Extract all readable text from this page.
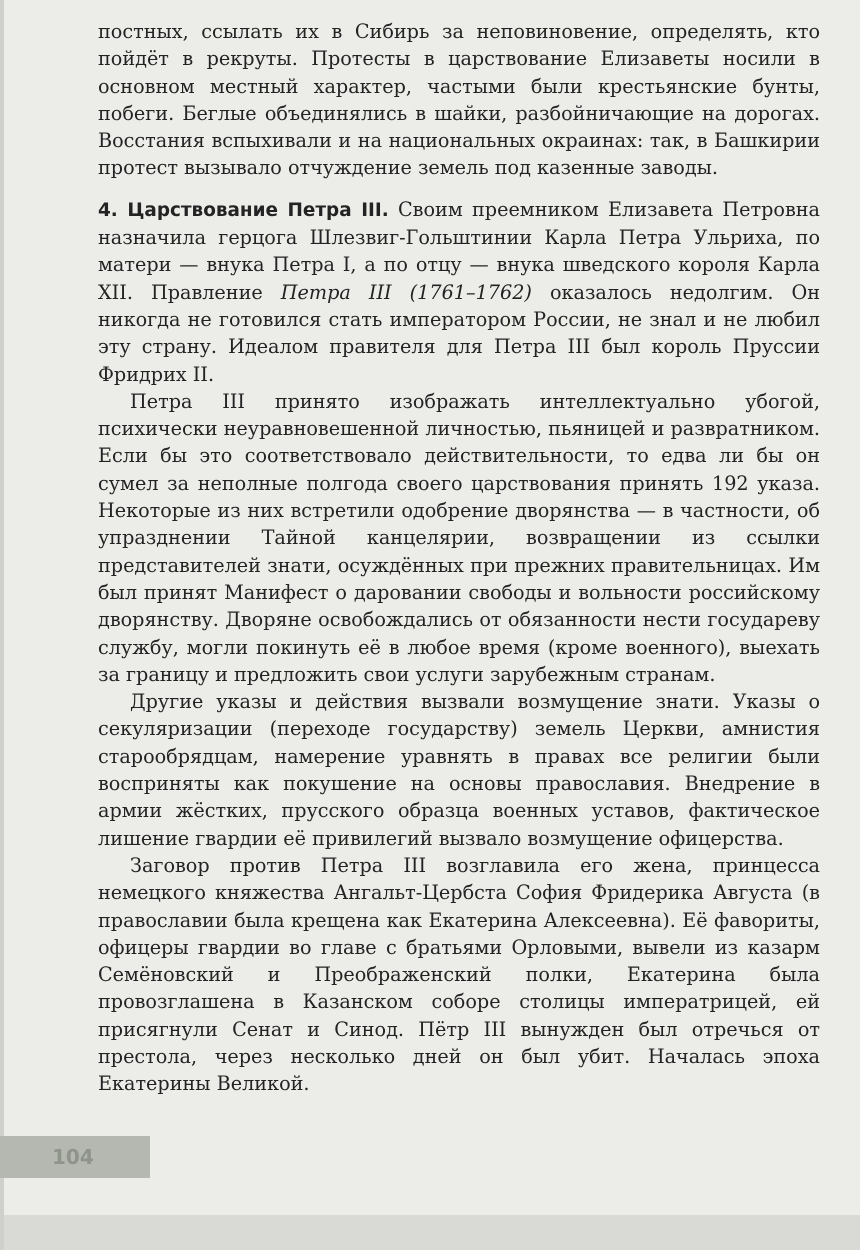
постных, ссылать их в Сибирь за неповиновение, определять, кто пойдёт в рекруты. Протесты в царствование Елизаветы носили в основном местный характер, частыми были крестьянские бунты, побеги. Беглые объединялись в шайки, разбойничающие на дорогах. Восстания вспыхивали и на национальных окраинах: так, в Башкирии протест вызывало отчуждение земель под казенные заводы.

4. Царствование Петра III. Своим преемником Елизавета Петровна назначила герцога Шлезвиг-Гольштинии Карла Петра Ульриха, по матери — внука Петра I, а по отцу — внука шведского короля Карла XII. Правление Петра III (1761–1762) оказалось недолгим. Он никогда не готовился стать императором России, не знал и не любил эту страну. Идеалом правителя для Петра III был король Пруссии Фридрих II.

Петра III принято изображать интеллектуально убогой, психически неуравновешенной личностью, пьяницей и развратником. Если бы это соответствовало действительности, то едва ли бы он сумел за неполные полгода своего царствования принять 192 указа. Некоторые из них встретили одобрение дворянства — в частности, об упразднении Тайной канцелярии, возвращении из ссылки представителей знати, осуждённых при прежних правительницах. Им был принят Манифест о даровании свободы и вольности российскому дворянству. Дворяне освобождались от обязанности нести государеву службу, могли покинуть её в любое время (кроме военного), выехать за границу и предложить свои услуги зарубежным странам.

Другие указы и действия вызвали возмущение знати. Указы о секуляризации (переходе государству) земель Церкви, амнистия старообрядцам, намерение уравнять в правах все религии были восприняты как покушение на основы православия. Внедрение в армии жёстких, прусского образца военных уставов, фактическое лишение гвардии её привилегий вызвало возмущение офицерства.

Заговор против Петра III возглавила его жена, принцесса немецкого княжества Ангальт-Цербста София Фридерика Августа (в православии была крещена как Екатерина Алексеевна). Её фавориты, офицеры гвардии во главе с братьями Орловыми, вывели из казарм Семёновский и Преображенский полки, Екатерина была провозглашена в Казанском соборе столицы императрицей, ей присягнули Сенат и Синод. Пётр III вынужден был отречься от престола, через несколько дней он был убит. Началась эпоха Екатерины Великой.

104
